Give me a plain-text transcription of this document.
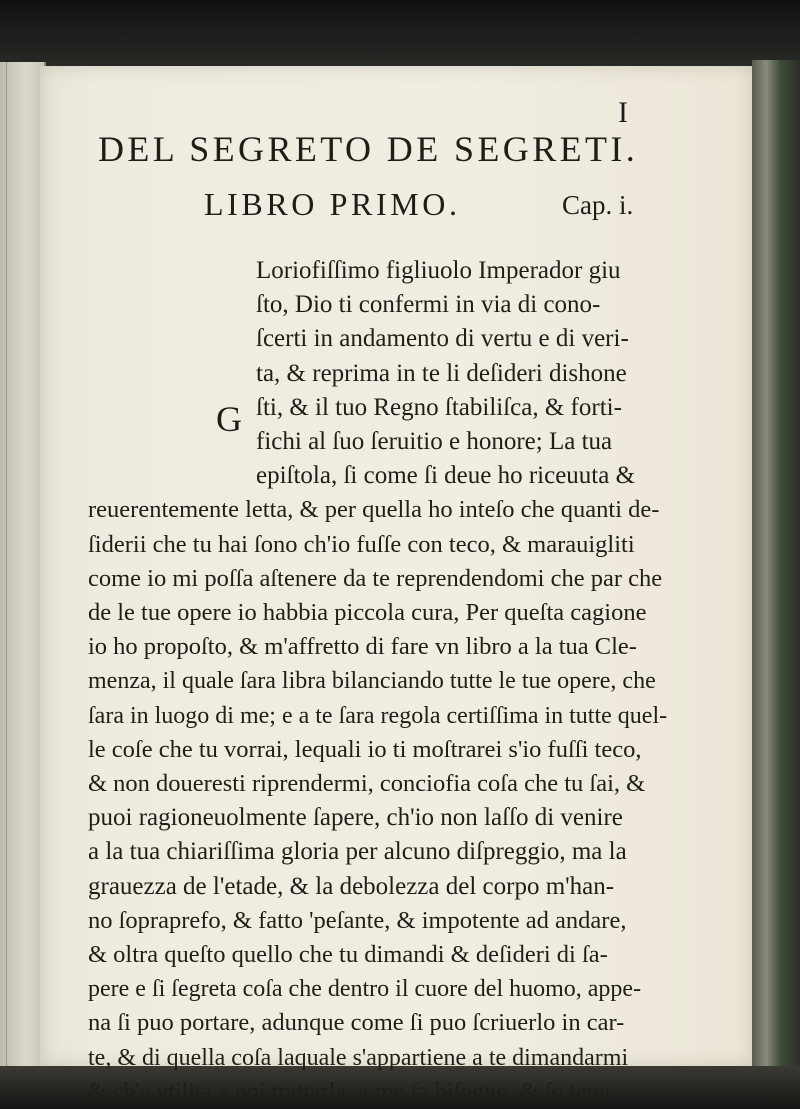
I
DEL SEGRETO DE SEGRETI.
LIBRO PRIMO.	Cap. i.
G
Loriofiſſimo figliuolo Imperador giu
ſto, Dio ti confermi in via di cono-
ſcerti in andamento di vertu e di veri-
ta, & reprima in te li deſideri dishone
ſti, & il tuo Regno ſtabiliſca, & forti-
fichi al ſuo ſeruitio e honore; La tua
epiſtola, ſi come ſi deue ho riceuuta &
reuerentemente letta, & per quella ho inteſo che quanti de-
ſiderii che tu hai ſono ch'io fuſſe con teco, & marauigliti
come io mi poſſa aſtenere da te reprendendomi che par che
de le tue opere io habbia piccola cura, Per queſta cagione
io ho propoſto, & m'affretto di fare vn libro a la tua Cle-
menza, il quale ſara libra bilanciando tutte le tue opere, che
ſara in luogo di me; e a te ſara regola certiſſima in tutte quel-
le coſe che tu vorrai, lequali io ti moſtrarei s'io fuſſi teco,
& non doueresti riprendermi, conciofia coſa che tu ſai, &
puoi ragioneuolmente ſapere, ch'io non laſſo di venire
a la tua chiariſſima gloria per alcuno diſpreggio, ma la
grauezza de l'etade, & la debolezza del corpo m'han-
no ſopraprefo, & fatto 'peſante, & impotente ad andare,
& oltra queſto quello che tu dimandi & deſideri di ſa-
pere e ſi ſegreta coſa che dentro il cuore del huomo, appe-
na ſi puo portare, adunque come ſi puo ſcriuerlo in car-
te, & di quella coſa laquale s'appartiene a te dimandarmi
& ch'e vtilita a noi trattarla, a me fa biſogno, & ſo tenu-
